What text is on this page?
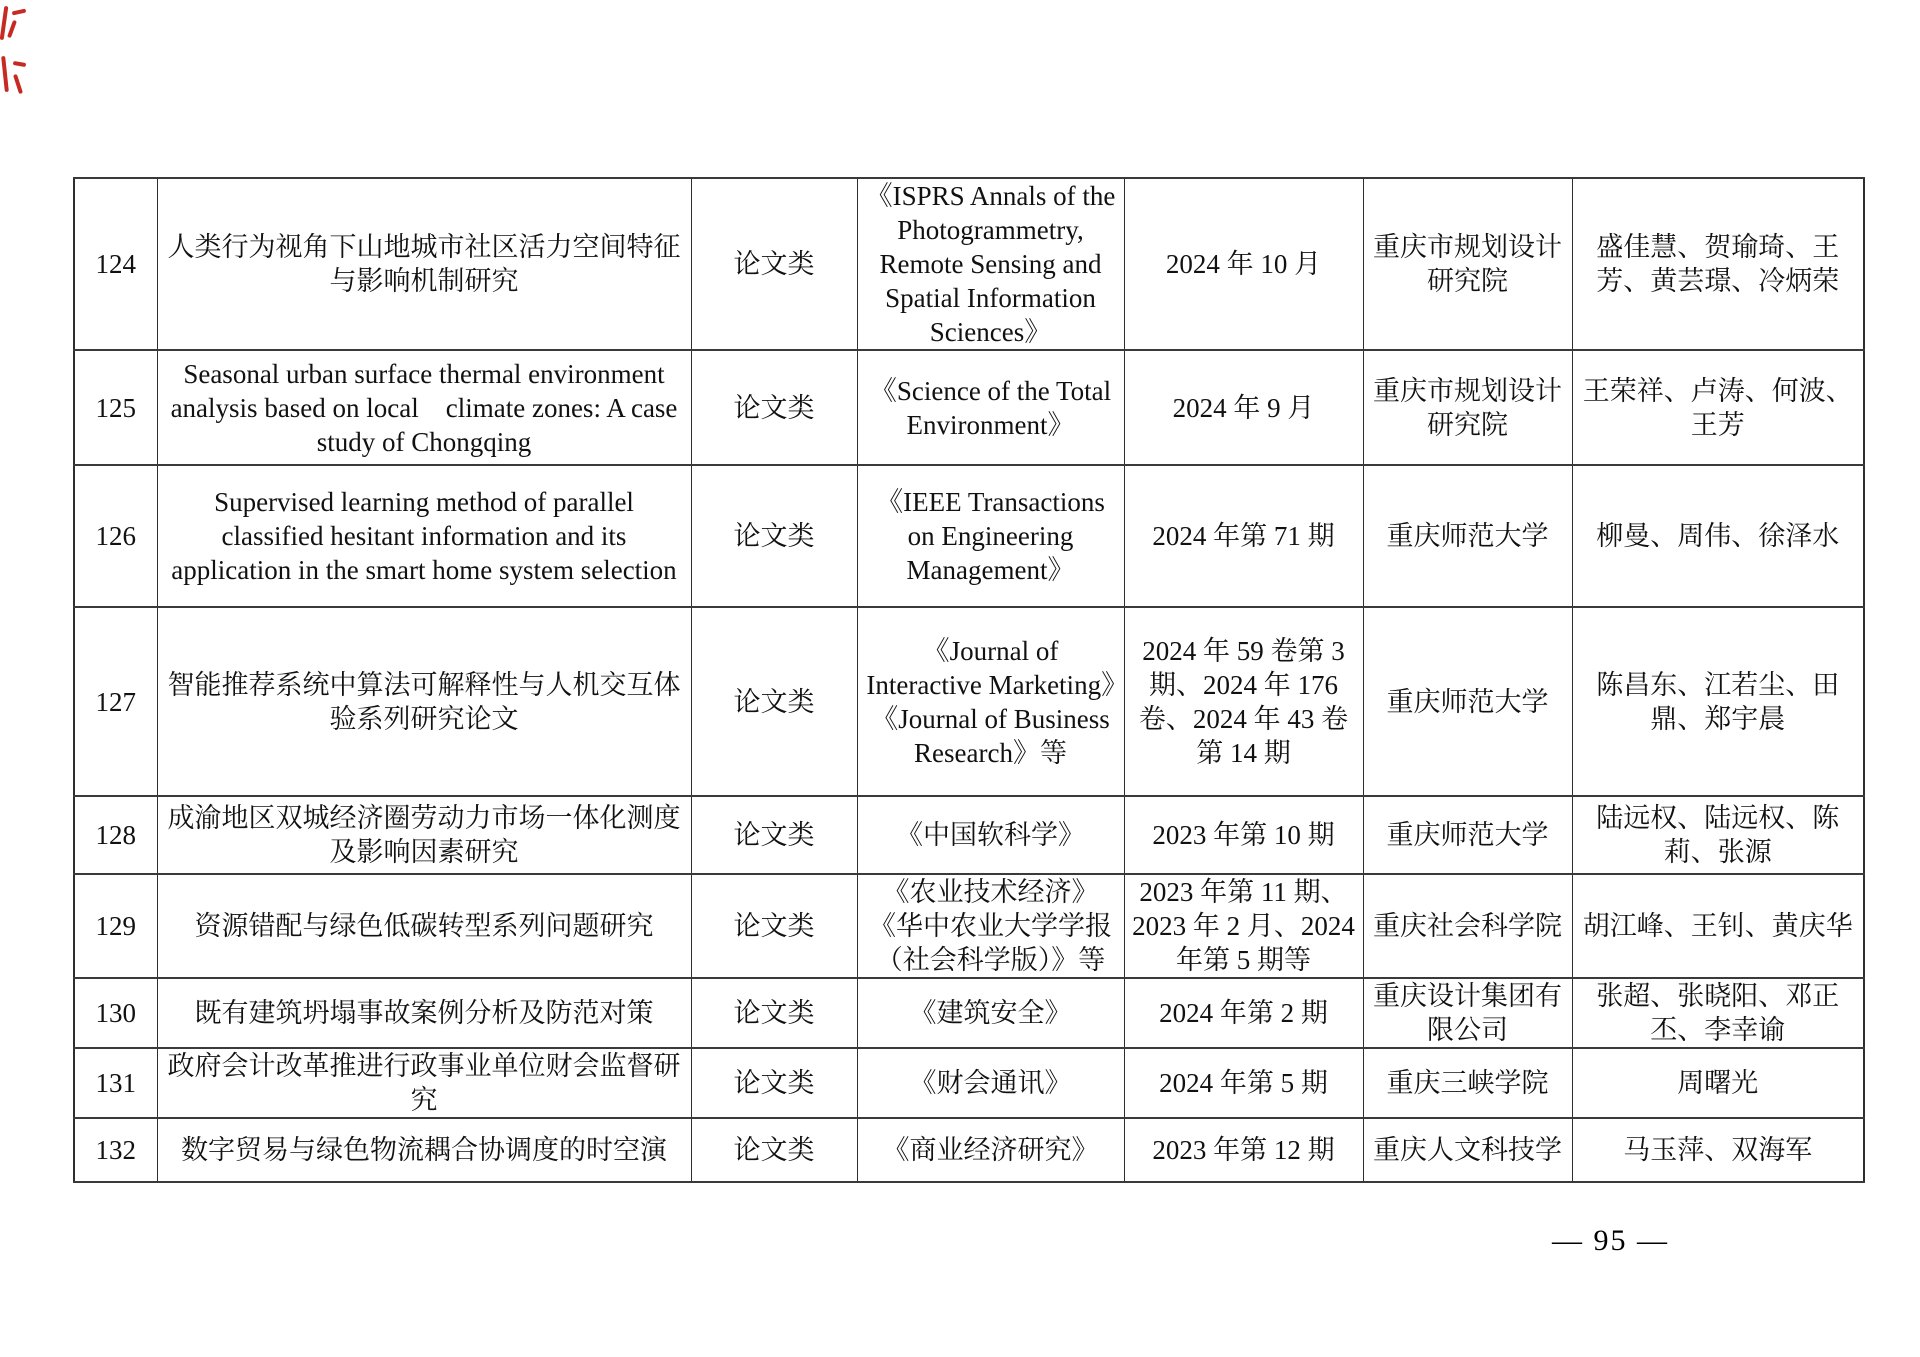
124	人类行为视角下山地城市社区活力空间特征与影响机制研究	论文类	《ISPRS Annals of the Photogrammetry, Remote Sensing and Spatial Information Sciences》	2024 年 10 月	重庆市规划设计研究院	盛佳慧、贺瑜琦、王芳、黄芸璟、冷炳荣
125	Seasonal urban surface thermal environment analysis based on local　climate zones: A case study of Chongqing	论文类	《Science of the Total Environment》	2024 年 9 月	重庆市规划设计研究院	王荣祥、卢涛、何波、王芳
126	Supervised learning method of parallel classified hesitant information and its application in the smart home system selection	论文类	《IEEE Transactions on Engineering Management》	2024 年第 71 期	重庆师范大学	柳曼、周伟、徐泽水
127	智能推荐系统中算法可解释性与人机交互体验系列研究论文	论文类	《Journal of Interactive Marketing》《Journal of Business Research》等	2024 年 59 卷第 3 期、2024 年 176 卷、2024 年 43 卷第 14 期	重庆师范大学	陈昌东、江若尘、田鼎、郑宇晨
128	成渝地区双城经济圈劳动力市场一体化测度及影响因素研究	论文类	《中国软科学》	2023 年第 10 期	重庆师范大学	陆远权、陆远权、陈莉、张源
129	资源错配与绿色低碳转型系列问题研究	论文类	《农业技术经济》《华中农业大学学报（社会科学版）》等	2023 年第 11 期、2023 年 2 月、2024 年第 5 期等	重庆社会科学院	胡江峰、王钊、黄庆华
130	既有建筑坍塌事故案例分析及防范对策	论文类	《建筑安全》	2024 年第 2 期	重庆设计集团有限公司	张超、张晓阳、邓正丕、李幸谕
131	政府会计改革推进行政事业单位财会监督研究	论文类	《财会通讯》	2024 年第 5 期	重庆三峡学院	周曙光
132	数字贸易与绿色物流耦合协调度的时空演	论文类	《商业经济研究》	2023 年第 12 期	重庆人文科技学	马玉萍、双海军
— 95 —
